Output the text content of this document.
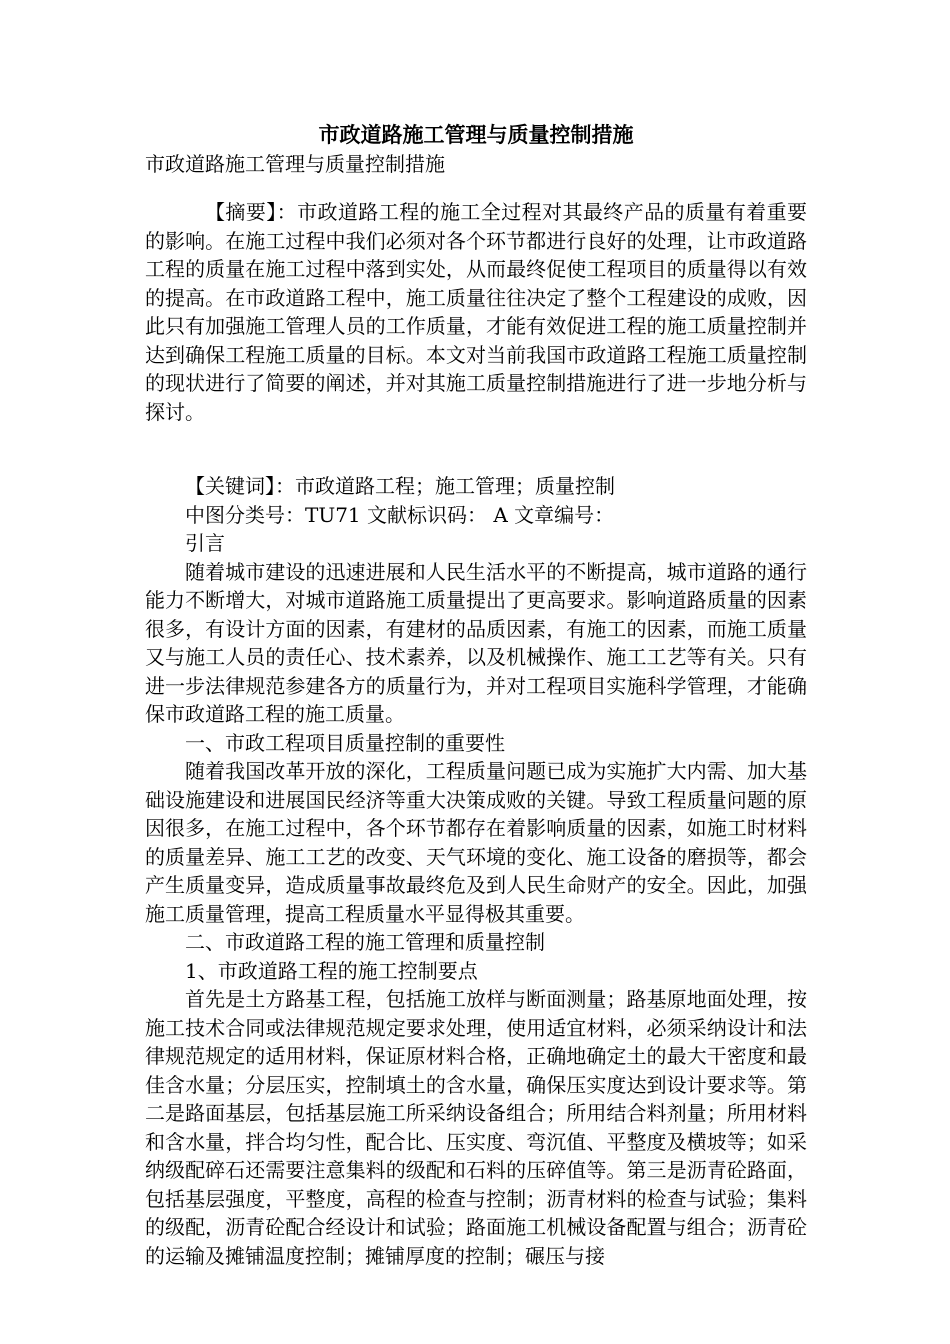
市政道路施工管理与质量控制措施

市政道路施工管理与质量控制措施

【摘要】：市政道路工程的施工全过程对其最终产品的质量有着重要的影响。在施工过程中我们必须对各个环节都进行良好的处理，让市政道路工程的质量在施工过程中落到实处，从而最终促使工程项目的质量得以有效的提高。在市政道路工程中，施工质量往往决定了整个工程建设的成败，因此只有加强施工管理人员的工作质量，才能有效促进工程的施工质量控制并达到确保工程施工质量的目标。本文对当前我国市政道路工程施工质量控制的现状进行了简要的阐述，并对其施工质量控制措施进行了进一步地分析与探讨。

【关键词】：市政道路工程；施工管理；质量控制

中图分类号：TU71 文献标识码： A 文章编号：

引言

随着城市建设的迅速进展和人民生活水平的不断提高，城市道路的通行能力不断增大，对城市道路施工质量提出了更高要求。影响道路质量的因素很多，有设计方面的因素，有建材的品质因素，有施工的因素，而施工质量又与施工人员的责任心、技术素养，以及机械操作、施工工艺等有关。只有进一步法律规范参建各方的质量行为，并对工程项目实施科学管理，才能确保市政道路工程的施工质量。

一、市政工程项目质量控制的重要性

随着我国改革开放的深化，工程质量问题已成为实施扩大内需、加大基础设施建设和进展国民经济等重大决策成败的关键。导致工程质量问题的原因很多，在施工过程中，各个环节都存在着影响质量的因素，如施工时材料的质量差异、施工工艺的改变、天气环境的变化、施工设备的磨损等，都会产生质量变异，造成质量事故最终危及到人民生命财产的安全。因此，加强施工质量管理，提高工程质量水平显得极其重要。

二、市政道路工程的施工管理和质量控制

1、市政道路工程的施工控制要点

首先是土方路基工程，包括施工放样与断面测量；路基原地面处理，按施工技术合同或法律规范规定要求处理，使用适宜材料，必须采纳设计和法律规范规定的适用材料，保证原材料合格，正确地确定土的最大干密度和最佳含水量；分层压实，控制填土的含水量，确保压实度达到设计要求等。第二是路面基层，包括基层施工所采纳设备组合；所用结合料剂量；所用材料和含水量，拌合均匀性，配合比、压实度、弯沉值、平整度及横坡等；如采纳级配碎石还需要注意集料的级配和石料的压碎值等。第三是沥青砼路面，包括基层强度，平整度，高程的检查与控制；沥青材料的检查与试验；集料的级配，沥青砼配合经设计和试验；路面施工机械设备配置与组合；沥青砼的运输及摊铺温度控制；摊铺厚度的控制；碾压与接
